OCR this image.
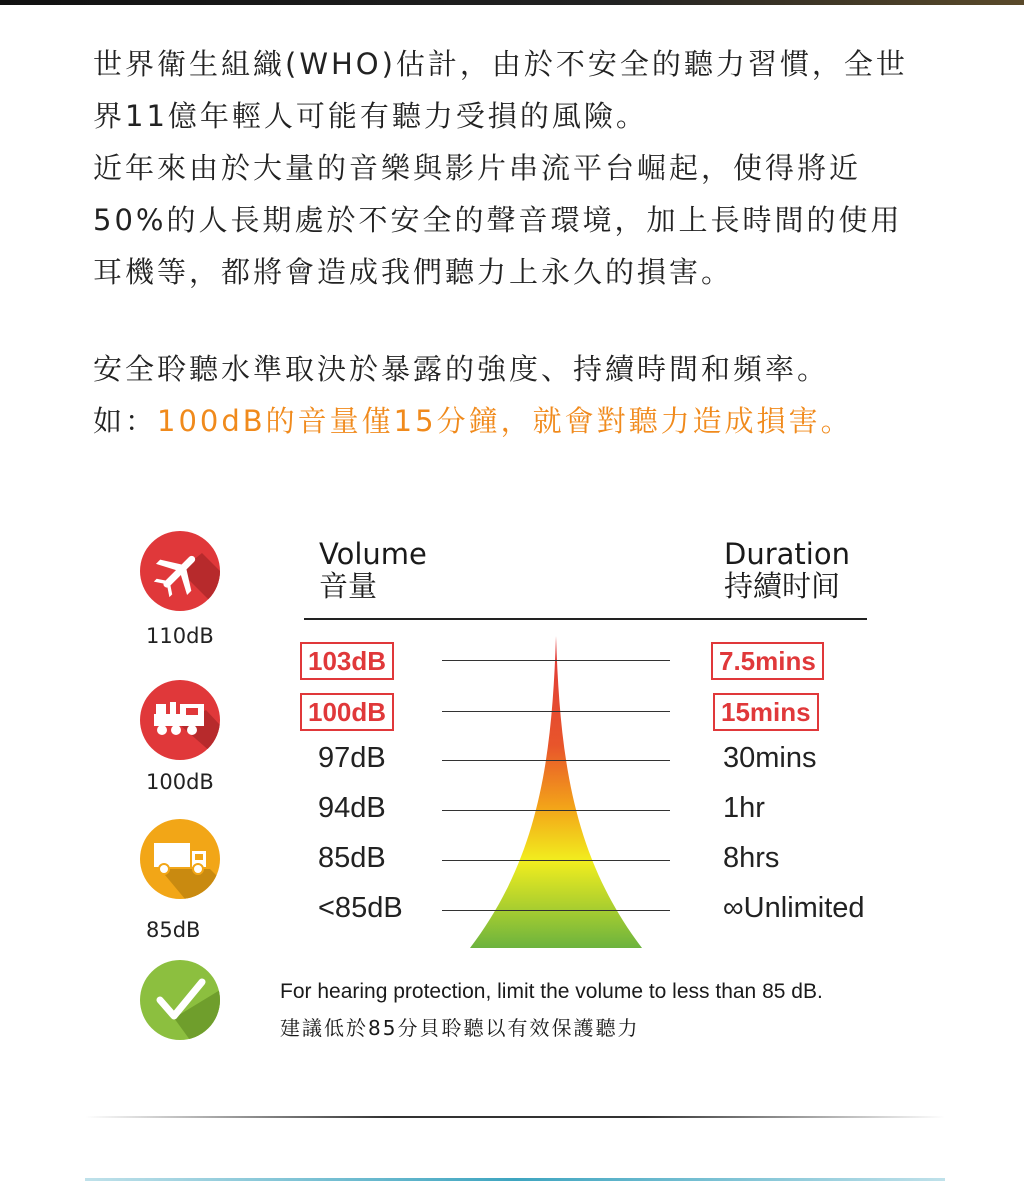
世界衛生組織(WHO)估計，由於不安全的聽力習慣，全世
界11億年輕人可能有聽力受損的風險。
近年來由於大量的音樂與影片串流平台崛起，使得將近
50%的人長期處於不安全的聲音環境，加上長時間的使用
耳機等，都將會造成我們聽力上永久的損害。
安全聆聽水準取決於暴露的強度、持續時間和頻率。
如：100dB的音量僅15分鐘，就會對聽力造成損害。
110dB
100dB
85dB
Volume
音量
Duration
持續时间
103dB	7.5mins
100dB	15mins
97dB	30mins
94dB	1hr
85dB	8hrs
<85dB	∞Unlimited
For hearing protection, limit the volume to less than 85 dB.
建議低於85分貝聆聽以有效保護聽力
